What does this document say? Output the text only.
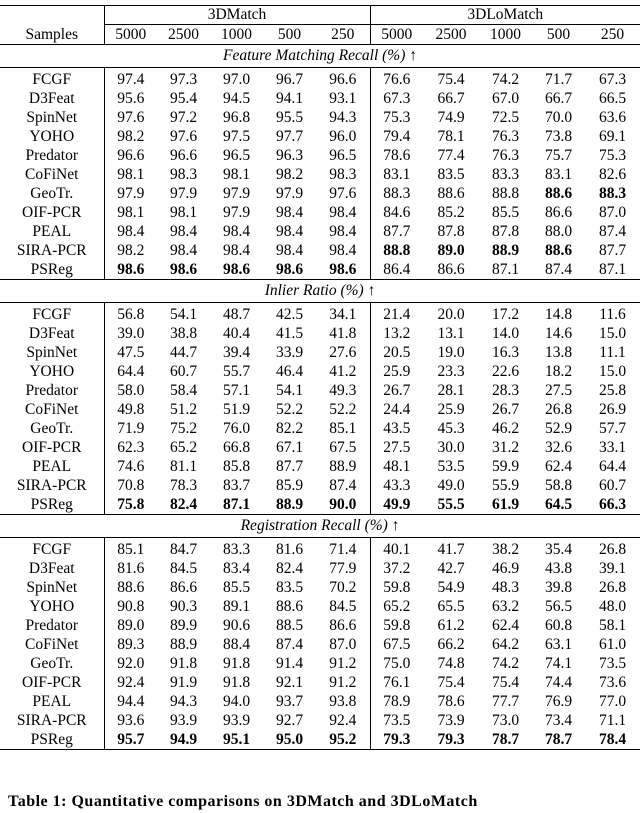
	3DMatch					3DLoMatch				
Samples	5000	2500	1000	500	250	5000	2500	1000	500	250
Feature Matching Recall (%) ↑										
FCGF	97.4	97.3	97.0	96.7	96.6	76.6	75.4	74.2	71.7	67.3
D3Feat	95.6	95.4	94.5	94.1	93.1	67.3	66.7	67.0	66.7	66.5
SpinNet	97.6	97.2	96.8	95.5	94.3	75.3	74.9	72.5	70.0	63.6
YOHO	98.2	97.6	97.5	97.7	96.0	79.4	78.1	76.3	73.8	69.1
Predator	96.6	96.6	96.5	96.3	96.5	78.6	77.4	76.3	75.7	75.3
CoFiNet	98.1	98.3	98.1	98.2	98.3	83.1	83.5	83.3	83.1	82.6
GeoTr.	97.9	97.9	97.9	97.9	97.6	88.3	88.6	88.8	88.6	88.3
OIF-PCR	98.1	98.1	97.9	98.4	98.4	84.6	85.2	85.5	86.6	87.0
PEAL	98.4	98.4	98.4	98.4	98.4	87.7	87.8	87.8	88.0	87.4
SIRA-PCR	98.2	98.4	98.4	98.4	98.4	88.8	89.0	88.9	88.6	87.7
PSReg	98.6	98.6	98.6	98.6	98.6	86.4	86.6	87.1	87.4	87.1
Inlier Ratio (%) ↑										
FCGF	56.8	54.1	48.7	42.5	34.1	21.4	20.0	17.2	14.8	11.6
D3Feat	39.0	38.8	40.4	41.5	41.8	13.2	13.1	14.0	14.6	15.0
SpinNet	47.5	44.7	39.4	33.9	27.6	20.5	19.0	16.3	13.8	11.1
YOHO	64.4	60.7	55.7	46.4	41.2	25.9	23.3	22.6	18.2	15.0
Predator	58.0	58.4	57.1	54.1	49.3	26.7	28.1	28.3	27.5	25.8
CoFiNet	49.8	51.2	51.9	52.2	52.2	24.4	25.9	26.7	26.8	26.9
GeoTr.	71.9	75.2	76.0	82.2	85.1	43.5	45.3	46.2	52.9	57.7
OIF-PCR	62.3	65.2	66.8	67.1	67.5	27.5	30.0	31.2	32.6	33.1
PEAL	74.6	81.1	85.8	87.7	88.9	48.1	53.5	59.9	62.4	64.4
SIRA-PCR	70.8	78.3	83.7	85.9	87.4	43.3	49.0	55.9	58.8	60.7
PSReg	75.8	82.4	87.1	88.9	90.0	49.9	55.5	61.9	64.5	66.3
Registration Recall (%) ↑										
FCGF	85.1	84.7	83.3	81.6	71.4	40.1	41.7	38.2	35.4	26.8
D3Feat	81.6	84.5	83.4	82.4	77.9	37.2	42.7	46.9	43.8	39.1
SpinNet	88.6	86.6	85.5	83.5	70.2	59.8	54.9	48.3	39.8	26.8
YOHO	90.8	90.3	89.1	88.6	84.5	65.2	65.5	63.2	56.5	48.0
Predator	89.0	89.9	90.6	88.5	86.6	59.8	61.2	62.4	60.8	58.1
CoFiNet	89.3	88.9	88.4	87.4	87.0	67.5	66.2	64.2	63.1	61.0
GeoTr.	92.0	91.8	91.8	91.4	91.2	75.0	74.8	74.2	74.1	73.5
OIF-PCR	92.4	91.9	91.8	92.1	91.2	76.1	75.4	75.4	74.4	73.6
PEAL	94.4	94.3	94.0	93.7	93.8	78.9	78.6	77.7	76.9	77.0
SIRA-PCR	93.6	93.9	93.9	92.7	92.4	73.5	73.9	73.0	73.4	71.1
PSReg	95.7	94.9	95.1	95.0	95.2	79.3	79.3	78.7	78.7	78.4
Table 1: Quantitative comparisons on 3DMatch and 3DLoMatch
